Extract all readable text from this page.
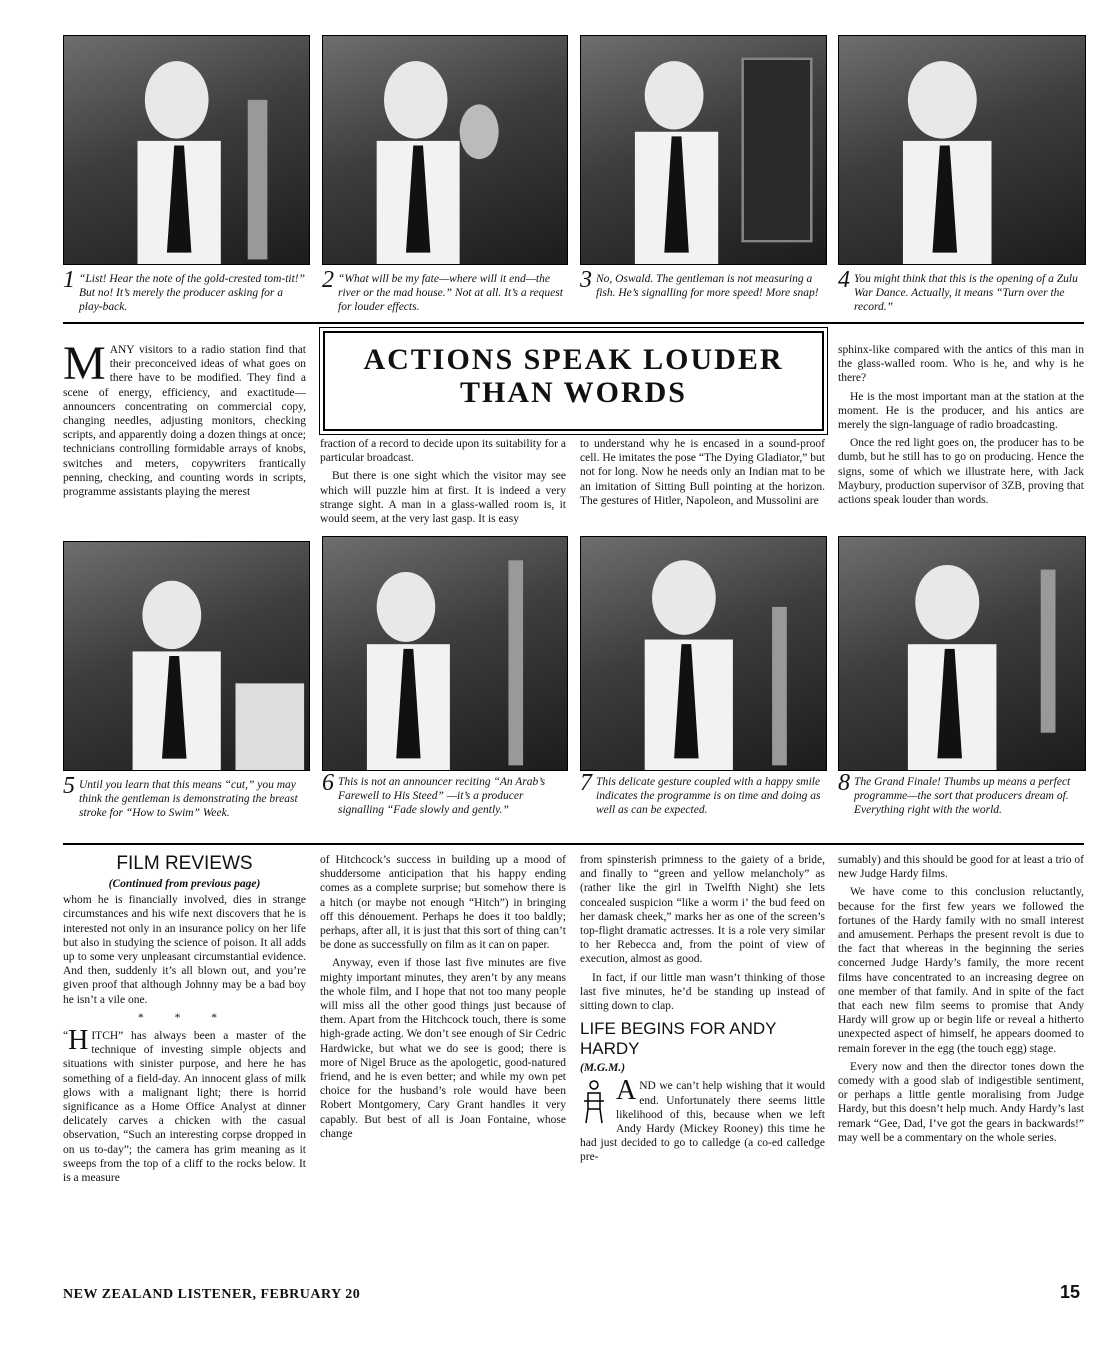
1 “List! Hear the note of the gold-crested tom-tit!” But no! It’s merely the producer asking for a play-back.
2 “What will be my fate—where will it end—the river or the mad house.” Not at all. It’s a request for louder effects.
3 No, Oswald. The gentleman is not measuring a fish. He’s signalling for more speed! More snap! 4 You might think that this is the opening of a Zulu War Dance. Actually, it means “Turn over the record.”
ACTIONS SPEAK LOUDER
THAN WORDS

MANY visitors to a radio station find that their preconceived ideas of what goes on there have to be modified. They find a scene of energy, efficiency, and exactitude—announcers concentrating on commercial copy, changing needles, adjusting monitors, checking scripts, and apparently doing a dozen things at once; technicians controlling formidable arrays of knobs, switches and meters, copywriters frantically penning, checking, and counting words in scripts, programme assistants playing the merest

fraction of a record to decide upon its suitability for a particular broadcast.

But there is one sight which the visitor may see which will puzzle him at first. It is indeed a very strange sight. A man in a glass-walled room is, it would seem, at the very last gasp. It is easy

to understand why he is encased in a sound-proof cell. He imitates the pose “The Dying Gladiator,” but not for long. Now he needs only an Indian mat to be an imitation of Sitting Bull pointing at the horizon. The gestures of Hitler, Napoleon, and Mussolini are

sphinx-like compared with the antics of this man in the glass-walled room. Who is he, and why is he there?

He is the most important man at the station at the moment. He is the producer, and his antics are merely the sign-language of radio broadcasting.

Once the red light goes on, the producer has to be dumb, but he still has to go on producing. Hence the signs, some of which we illustrate here, with Jack Maybury, production supervisor of 3ZB, proving that actions speak louder than words.

5 Until you learn that this means “cut,” you may think the gentleman is demonstrating the breast stroke for “How to Swim” Week.
6 This is not an announcer reciting “An Arab’s Farewell to His Steed” —it’s a producer signalling “Fade slowly and gently.”
7 This delicate gesture coupled with a happy smile indicates the programme is on time and doing as well as can be expected.
8 The Grand Finale! Thumbs up means a perfect programme—the sort that producers dream of. Everything right with the world.
FILM REVIEWS
(Continued from previous page)

whom he is financially involved, dies in strange circumstances and his wife next discovers that he is interested not only in an insurance policy on her life but also in studying the science of poison. It all adds up to some very unpleasant circumstantial evidence. And then, suddenly it’s all blown out, and you’re given proof that although Johnny may be a bad boy he isn’t a vile one.

* * *

“ H ITCH” has always been a master of the technique of investing simple objects and situations with sinister purpose, and here he has something of a field-day. An innocent glass of milk glows with a malignant light; there is horrid significance as a Home Office Analyst at dinner delicately carves a chicken with the casual observation, “Such an interesting corpse dropped in on us to-day”; the camera has grim meaning as it sweeps from the top of a cliff to the rocks below. It is a measure

of Hitchcock’s success in building up a mood of shuddersome anticipation that his happy ending comes as a complete surprise; but somehow there is a hitch (or maybe not enough “Hitch”) in bringing off this dénouement. Perhaps he does it too baldly; perhaps, after all, it is just that this sort of thing can’t be done as successfully on film as it can on paper.

Anyway, even if those last five minutes are five mighty important minutes, they aren’t by any means the whole film, and I hope that not too many people will miss all the other good things just because of them. Apart from the Hitchcock touch, there is some high-grade acting. We don’t see enough of Sir Cedric Hardwicke, but what we do see is good; there is more of Nigel Bruce as the apologetic, good-natured friend, and he is even better; and while my own pet choice for the husband’s role would have been Robert Montgomery, Cary Grant handles it very capably. But best of all is Joan Fontaine, whose change

from spinsterish primness to the gaiety of a bride, and finally to “green and yellow melancholy” as (rather like the girl in Twelfth Night) she lets concealed suspicion “like a worm i’ the bud feed on her damask cheek,” marks her as one of the screen’s top-flight dramatic actresses. It is a role very similar to her Rebecca and, from the point of view of execution, almost as good.

In fact, if our little man wasn’t thinking of those last five minutes, he’d be standing up instead of sitting down to clap.

LIFE BEGINS FOR ANDY HARDY
(M.G.M.)

AND we can’t help wishing that it would end. Unfortunately there seems little likelihood of this, because when we left Andy Hardy (Mickey Rooney) this time he had just decided to go to calledge (a co-ed calledge pre-

sumably) and this should be good for at least a trio of new Judge Hardy films.

We have come to this conclusion reluctantly, because for the first few years we followed the fortunes of the Hardy family with no small interest and amusement. Perhaps the present revolt is due to the fact that whereas in the beginning the series concerned Judge Hardy’s family, the more recent films have concentrated to an increasing degree on one member of that family. And in spite of the fact that each new film seems to promise that Andy Hardy will grow up or begin life or reveal a hitherto unexpected aspect of himself, he appears doomed to remain forever in the egg (the touch egg) stage.

Every now and then the director tones down the comedy with a good slab of indigestible sentiment, or perhaps a little gentle moralising from Judge Hardy, but this doesn’t help much. Andy Hardy’s last remark “Gee, Dad, I’ve got the gears in backwards!” may well be a commentary on the whole series.

NEW ZEALAND LISTENER, FEBRUARY 20	15
